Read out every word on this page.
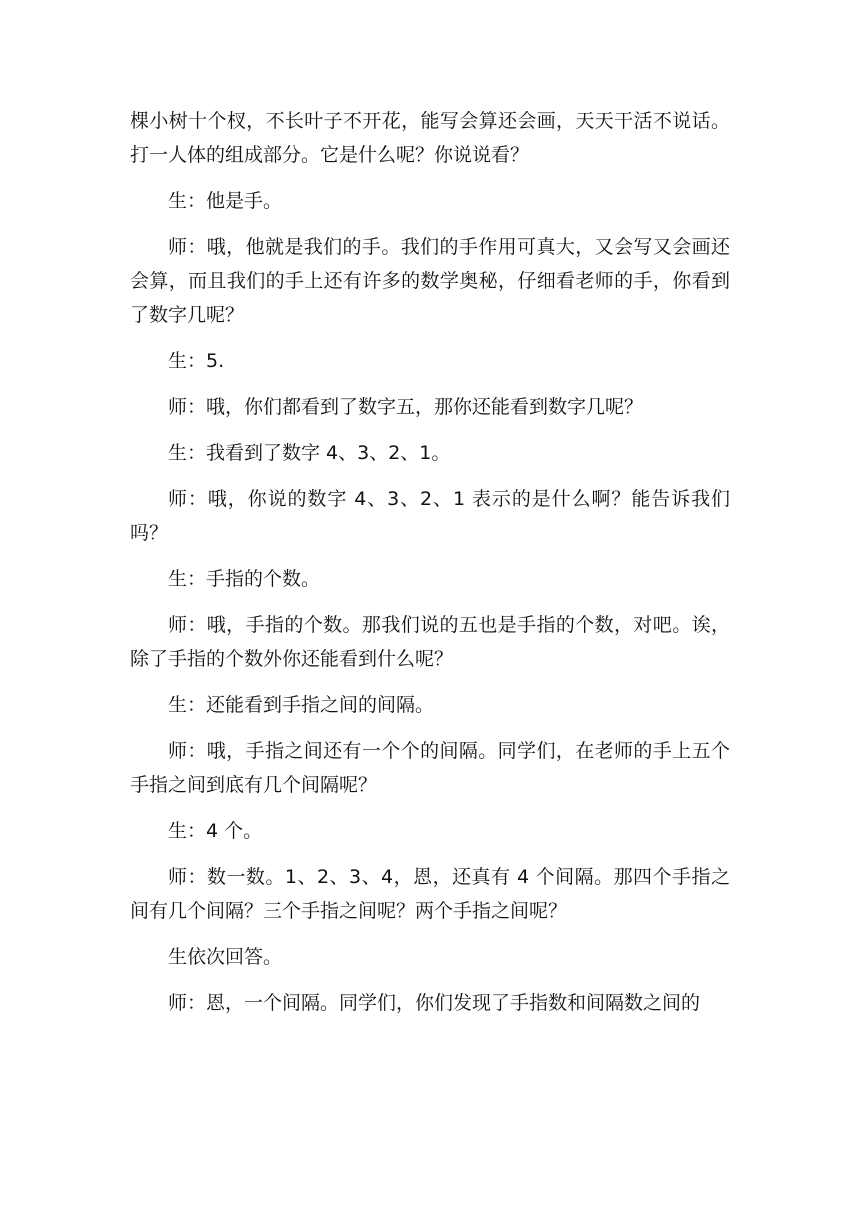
棵小树十个杈，不长叶子不开花，能写会算还会画，天天干活不说话。打一人体的组成部分。它是什么呢？你说说看？

生：他是手。

师：哦，他就是我们的手。我们的手作用可真大，又会写又会画还会算，而且我们的手上还有许多的数学奥秘，仔细看老师的手，你看到了数字几呢？

生：5.

师：哦，你们都看到了数字五，那你还能看到数字几呢？

生：我看到了数字 4、3、2、1。

师：哦，你说的数字 4、3、2、1 表示的是什么啊？能告诉我们吗？

生：手指的个数。

师：哦，手指的个数。那我们说的五也是手指的个数，对吧。诶，除了手指的个数外你还能看到什么呢？

生：还能看到手指之间的间隔。

师：哦，手指之间还有一个个的间隔。同学们，在老师的手上五个手指之间到底有几个间隔呢？

生：4 个。

师：数一数。1、2、3、4，恩，还真有 4 个间隔。那四个手指之间有几个间隔？三个手指之间呢？两个手指之间呢？

生依次回答。

师：恩，一个间隔。同学们，你们发现了手指数和间隔数之间的
